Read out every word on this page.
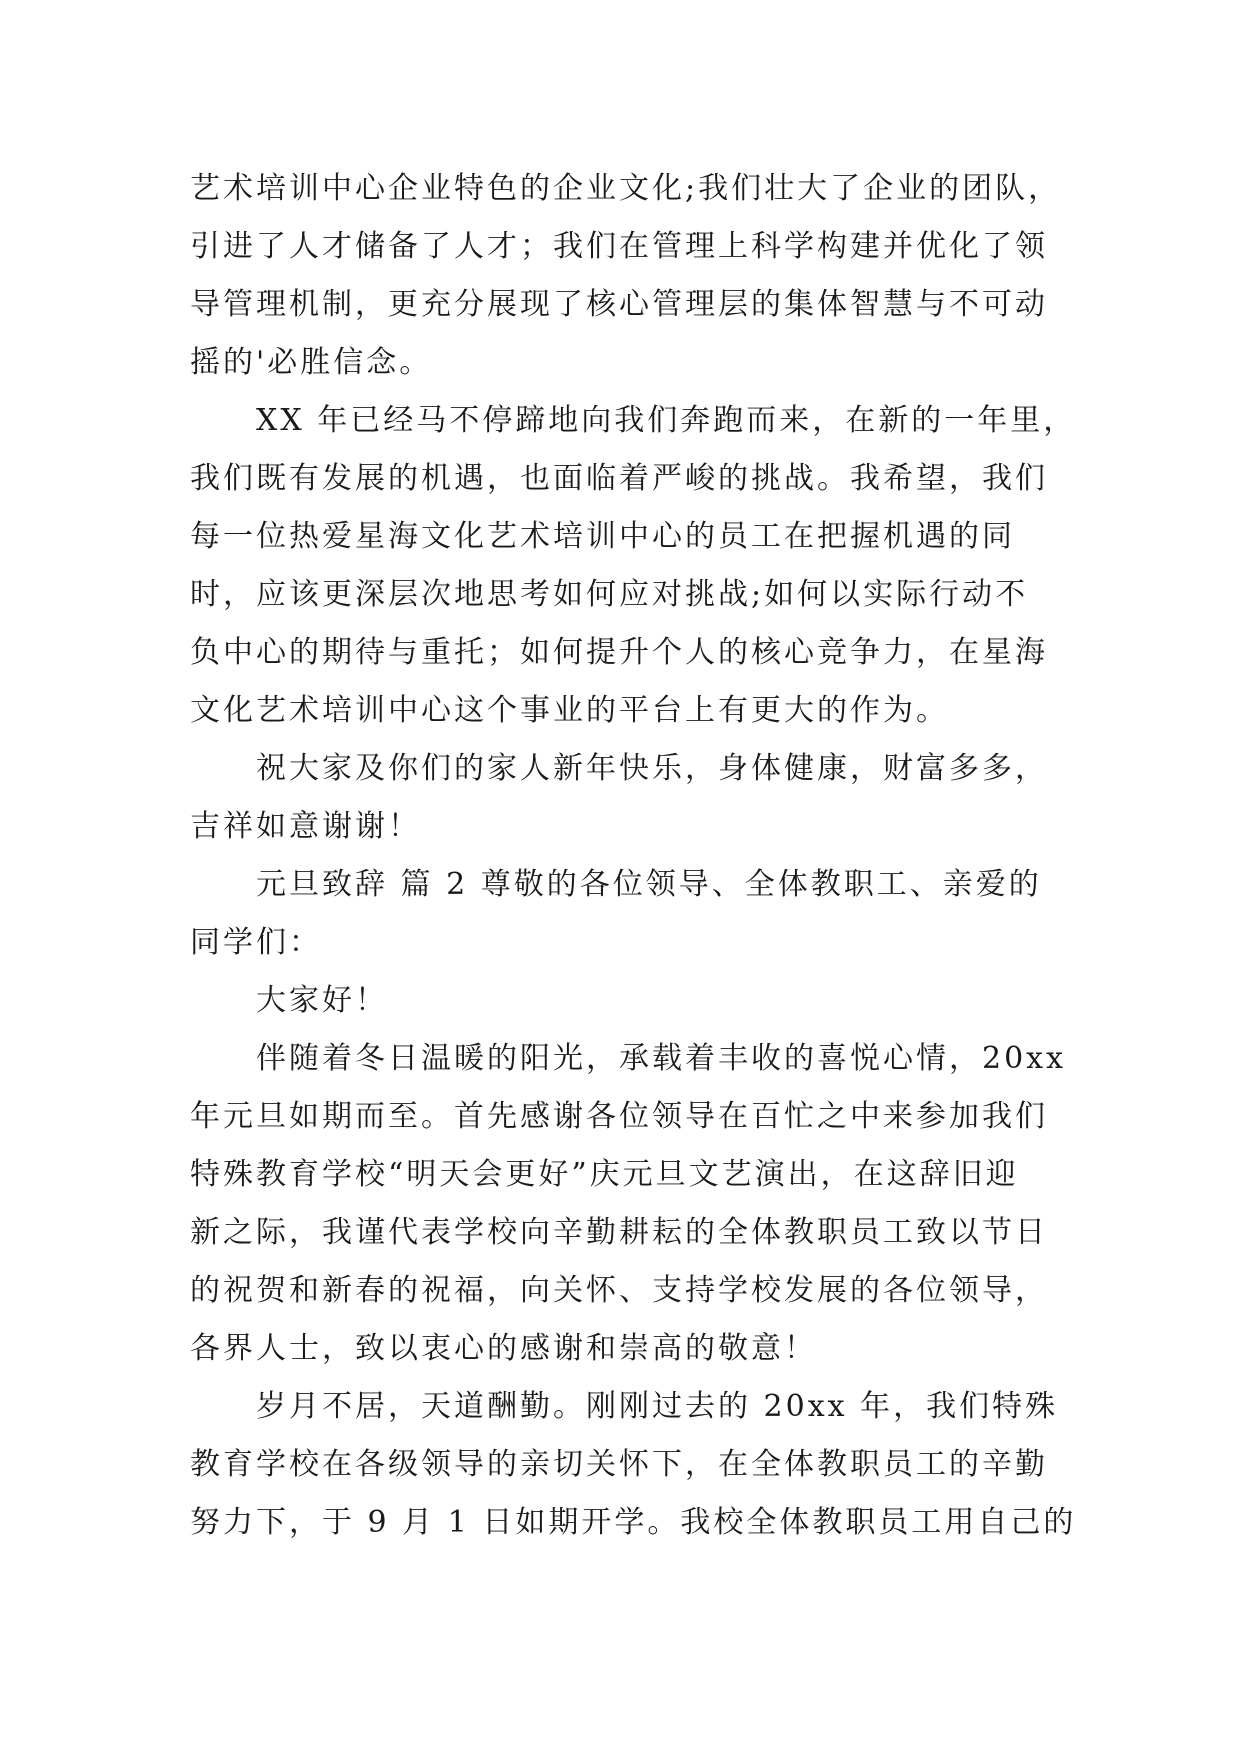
艺术培训中心企业特色的企业文化;我们壮大了企业的团队，
引进了人才储备了人才；我们在管理上科学构建并优化了领
导管理机制，更充分展现了核心管理层的集体智慧与不可动
摇的'必胜信念。
XX 年已经马不停蹄地向我们奔跑而来，在新的一年里，
我们既有发展的机遇，也面临着严峻的挑战。我希望，我们
每一位热爱星海文化艺术培训中心的员工在把握机遇的同
时，应该更深层次地思考如何应对挑战;如何以实际行动不
负中心的期待与重托；如何提升个人的核心竞争力，在星海
文化艺术培训中心这个事业的平台上有更大的作为。
祝大家及你们的家人新年快乐，身体健康，财富多多，
吉祥如意谢谢！
元旦致辞 篇 2 尊敬的各位领导、全体教职工、亲爱的
同学们：
大家好！
伴随着冬日温暖的阳光，承载着丰收的喜悦心情，20xx
年元旦如期而至。首先感谢各位领导在百忙之中来参加我们
特殊教育学校“明天会更好”庆元旦文艺演出，在这辞旧迎
新之际，我谨代表学校向辛勤耕耘的全体教职员工致以节日
的祝贺和新春的祝福，向关怀、支持学校发展的各位领导，
各界人士，致以衷心的感谢和崇高的敬意！
岁月不居，天道酬勤。刚刚过去的 20xx 年，我们特殊
教育学校在各级领导的亲切关怀下，在全体教职员工的辛勤
努力下，于 9 月 1 日如期开学。我校全体教职员工用自己的
